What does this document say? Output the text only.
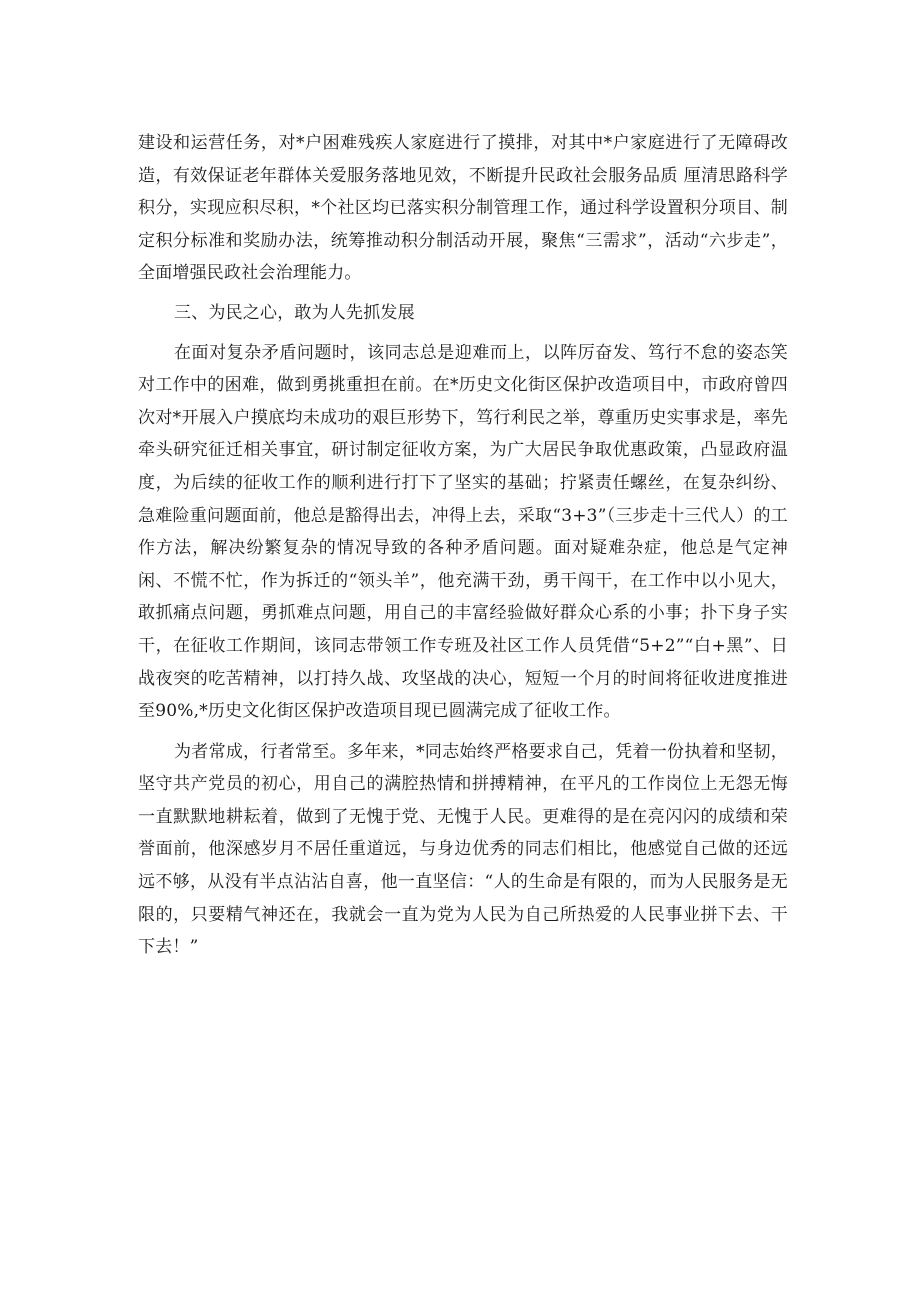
建设和运营任务，对*户困难残疾人家庭进行了摸排，对其中*户家庭进行了无障碍改造，有效保证老年群体关爱服务落地见效，不断提升民政社会服务品质 厘清思路科学积分，实现应积尽积，*个社区均已落实积分制管理工作，通过科学设置积分项目、制定积分标准和奖励办法，统筹推动积分制活动开展，聚焦“三需求”，活动“六步走”，全面增强民政社会治理能力。

三、为民之心，敢为人先抓发展

在面对复杂矛盾问题时，该同志总是迎难而上，以阵厉奋发、笃行不怠的姿态笑对工作中的困难，做到勇挑重担在前。在*历史文化街区保护改造项目中，市政府曾四次对*开展入户摸底均未成功的艰巨形势下，笃行利民之举，尊重历史实事求是，率先牵头研究征迁相关事宜，研讨制定征收方案，为广大居民争取优惠政策，凸显政府温度，为后续的征收工作的顺利进行打下了坚实的基础；拧紧责任螺丝，在复杂纠纷、急难险重问题面前，他总是豁得出去，冲得上去，采取“3+3”（三步走十三代人）的工作方法，解决纷繁复杂的情况导致的各种矛盾问题。面对疑难杂症，他总是气定神闲、不慌不忙，作为拆迁的“领头羊”，他充满干劲，勇干闯干，在工作中以小见大，敢抓痛点问题，勇抓难点问题，用自己的丰富经验做好群众心系的小事；扑下身子实干，在征收工作期间，该同志带领工作专班及社区工作人员凭借“5+2”“白+黑”、日战夜突的吃苦精神，以打持久战、攻坚战的决心，短短一个月的时间将征收进度推进至90%,*历史文化街区保护改造项目现已圆满完成了征收工作。

为者常成，行者常至。多年来，*同志始终严格要求自己，凭着一份执着和坚韧，坚守共产党员的初心，用自己的满腔热情和拼搏精神，在平凡的工作岗位上无怨无悔一直默默地耕耘着，做到了无愧于党、无愧于人民。更难得的是在亮闪闪的成绩和荣誉面前，他深感岁月不居任重道远，与身边优秀的同志们相比，他感觉自己做的还远远不够，从没有半点沾沾自喜，他一直坚信：“人的生命是有限的，而为人民服务是无限的，只要精气神还在，我就会一直为党为人民为自己所热爱的人民事业拼下去、干下去！”
